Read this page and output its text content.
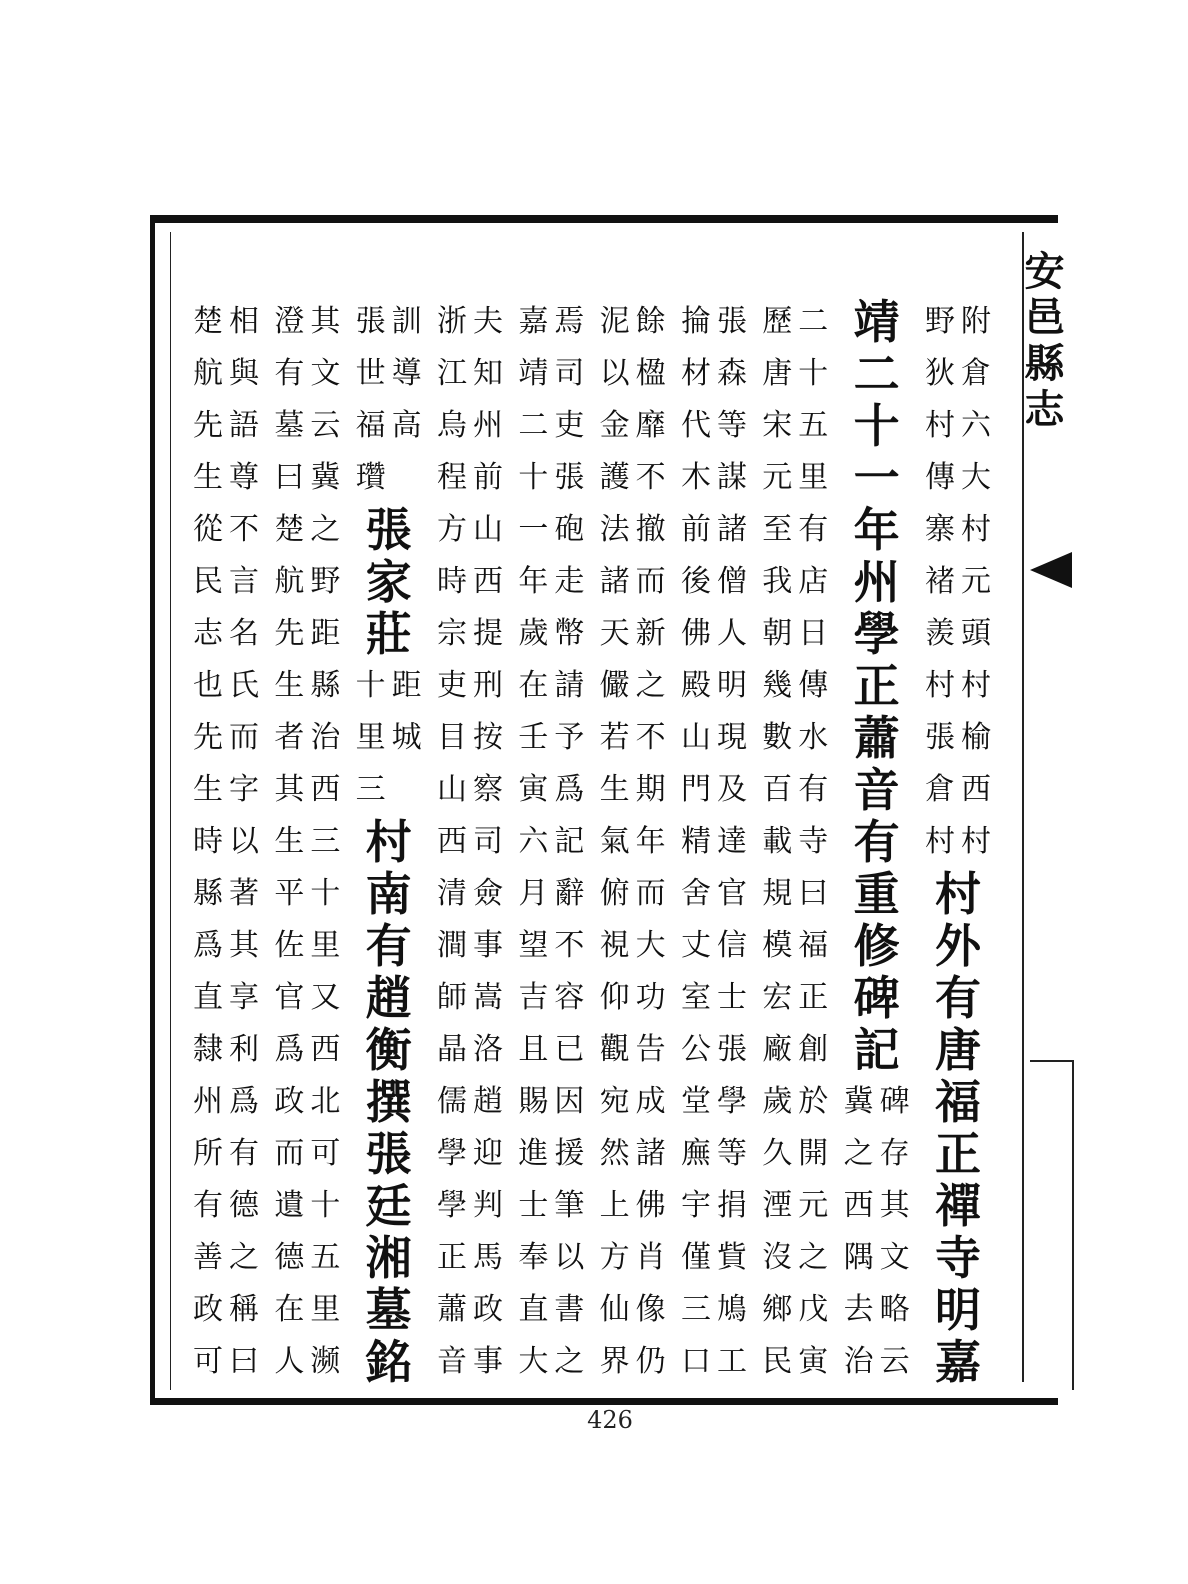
安邑縣志
附
野
倉
狄
六
村
大
傳
村
寨
元
褚
頭
羨
村
村
榆
張
西
倉
村
村
村
外
有
唐
福
正
禪
寺
明
嘉
靖
二
十
一
年
州
學
正
蕭
音
有
重
修
碑
記
碑
冀
存
之
其
西
文
隅
略
去
云
治
二
歷
十
唐
五
宋
里
元
有
至
店
我
日
朝
傳
幾
水
數
有
百
寺
載
曰
規
福
模
正
宏
創
廠
於
歲
開
久
元
湮
之
沒
戊
鄉
寅
民
張
掄
森
材
等
代
謀
木
諸
前
僧
後
人
佛
明
殿
現
山
及
門
達
精
官
舍
信
丈
士
室
張
公
學
堂
等
廡
捐
宇
貲
僅
鳩
三
工
口
餘
泥
楹
以
靡
金
不
護
撤
法
而
諸
新
天
之
儼
不
若
期
生
年
氣
而
俯
大
視
功
仰
告
觀
成
宛
諸
然
佛
上
肖
方
像
仙
仍
界
焉
嘉
司
靖
吏
二
張
十
砲
一
走
年
幣
歲
請
在
予
壬
爲
寅
記
六
辭
月
不
望
容
吉
已
且
因
賜
援
進
筆
士
以
奉
書
直
之
大
夫
浙
知
江
州
烏
前
程
山
方
西
時
提
宗
刑
吏
按
目
察
山
司
西
僉
清
事
澗
嵩
師
洛
晶
趙
儒
迎
學
判
學
馬
正
政
蕭
事
音
訓
張
導
世
高
福
瓚
張
家
莊
距
十
城
里
三
村
南
有
趙
衡
撰
張
廷
湘
墓
銘
其
澄
文
有
云
墓
冀
曰
之
楚
野
航
距
先
縣
生
治
者
西
其
三
生
十
平
里
佐
又
官
西
爲
北
政
可
而
十
遺
五
德
里
在
濒
人
相
楚
與
航
語
先
尊
生
不
從
言
民
名
志
氏
也
而
先
字
生
以
時
著
縣
其
爲
享
直
利
隸
爲
州
有
所
德
有
之
善
稱
政
曰
可
426
